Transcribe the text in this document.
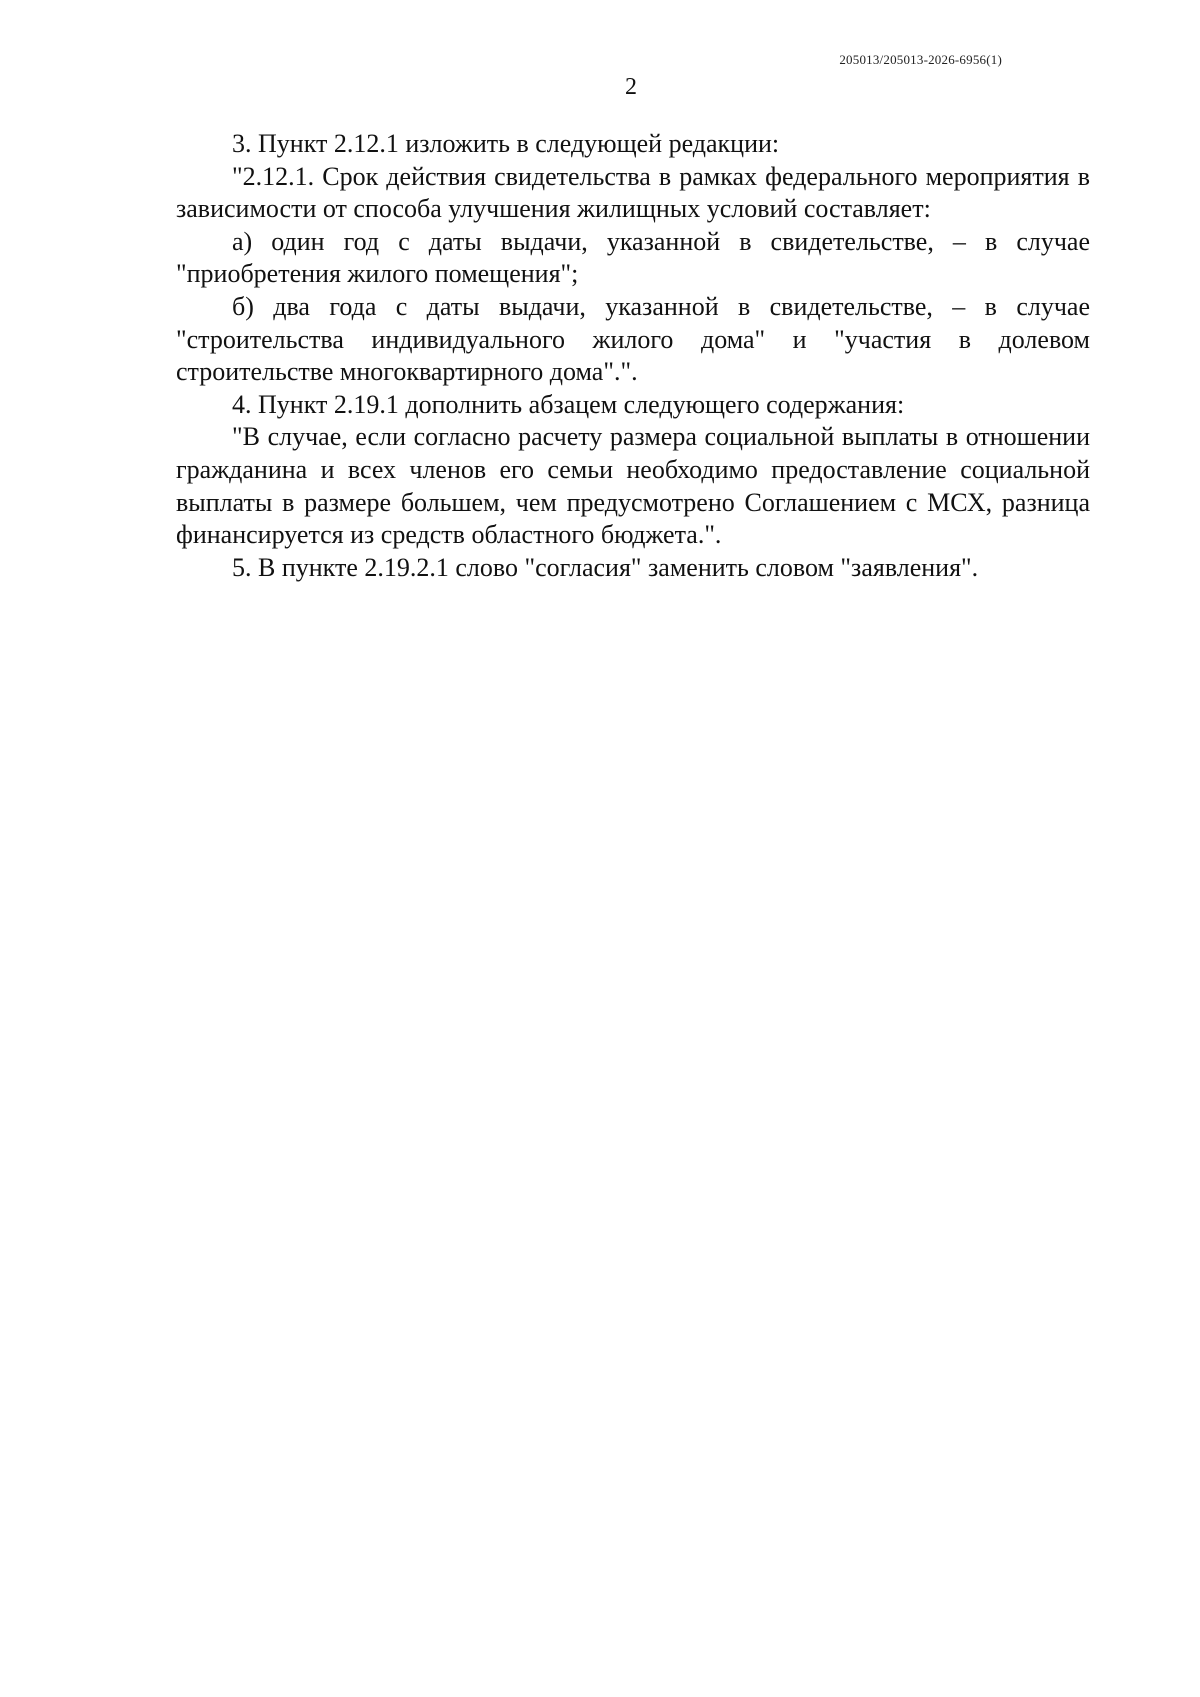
205013/205013-2026-6956(1)
2

3. Пункт 2.12.1 изложить в следующей редакции:

"2.12.1. Срок действия свидетельства в рамках федерального мероприятия в зависимости от способа улучшения жилищных условий составляет:

а) один год с даты выдачи, указанной в свидетельстве, – в случае "приобретения жилого помещения";

б) два года с даты выдачи, указанной в свидетельстве, – в случае "строительства индивидуального жилого дома" и "участия в долевом строительстве многоквартирного дома".".

4. Пункт 2.19.1 дополнить абзацем следующего содержания:

"В случае, если согласно расчету размера социальной выплаты в отношении гражданина и всех членов его семьи необходимо предоставление социальной выплаты в размере большем, чем предусмотрено Соглашением с МСХ, разница финансируется из средств областного бюджета.".

5. В пункте 2.19.2.1 слово "согласия" заменить словом "заявления".
